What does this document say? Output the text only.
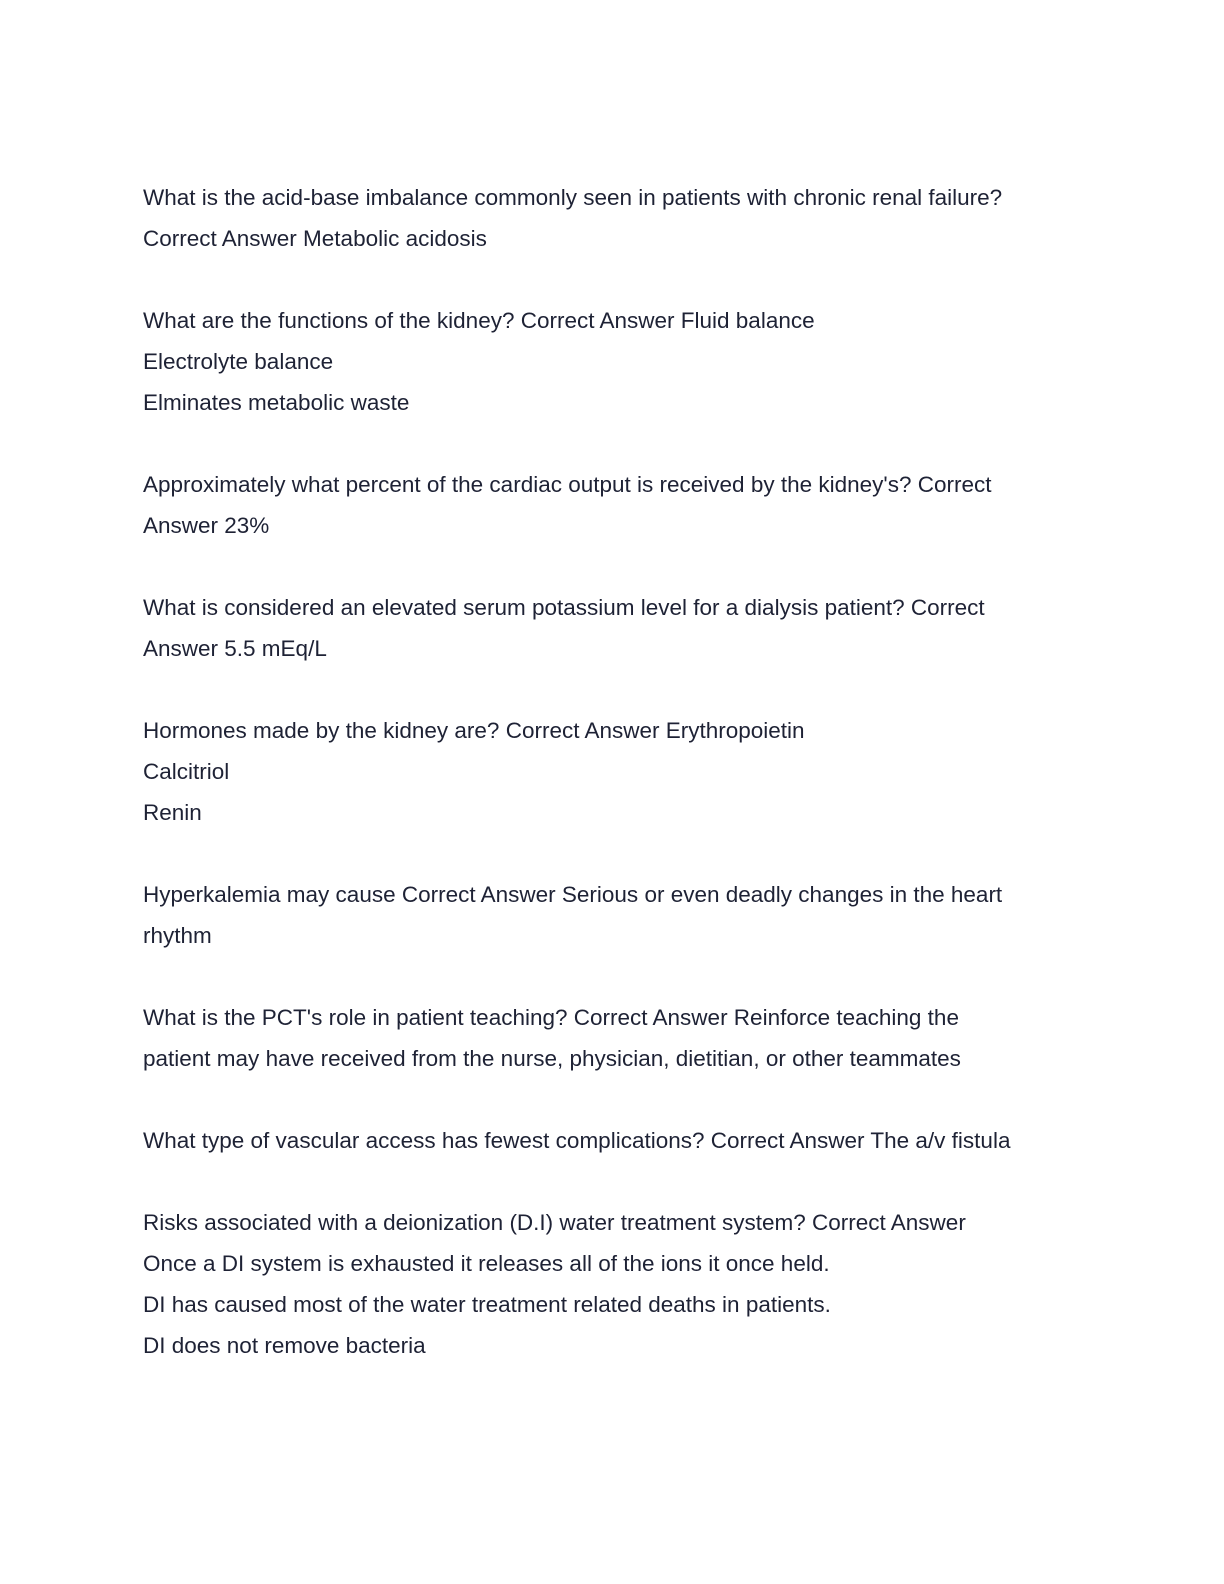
What is the acid-base imbalance commonly seen in patients with chronic renal failure?
Correct Answer Metabolic acidosis
What are the functions of the kidney? Correct Answer Fluid balance
Electrolyte balance
Elminates metabolic waste
Approximately what percent of the cardiac output is received by the kidney's? Correct
Answer 23%
What is considered an elevated serum potassium level for a dialysis patient? Correct
Answer 5.5 mEq/L
Hormones made by the kidney are? Correct Answer Erythropoietin
Calcitriol
Renin
Hyperkalemia may cause Correct Answer Serious or even deadly changes in the heart
rhythm
What is the PCT's role in patient teaching? Correct Answer Reinforce teaching the
patient may have received from the nurse, physician, dietitian, or other teammates
What type of vascular access has fewest complications? Correct Answer The a/v fistula
Risks associated with a deionization (D.I) water treatment system? Correct Answer
Once a DI system is exhausted it releases all of the ions it once held.
DI has caused most of the water treatment related deaths in patients.
DI does not remove bacteria
